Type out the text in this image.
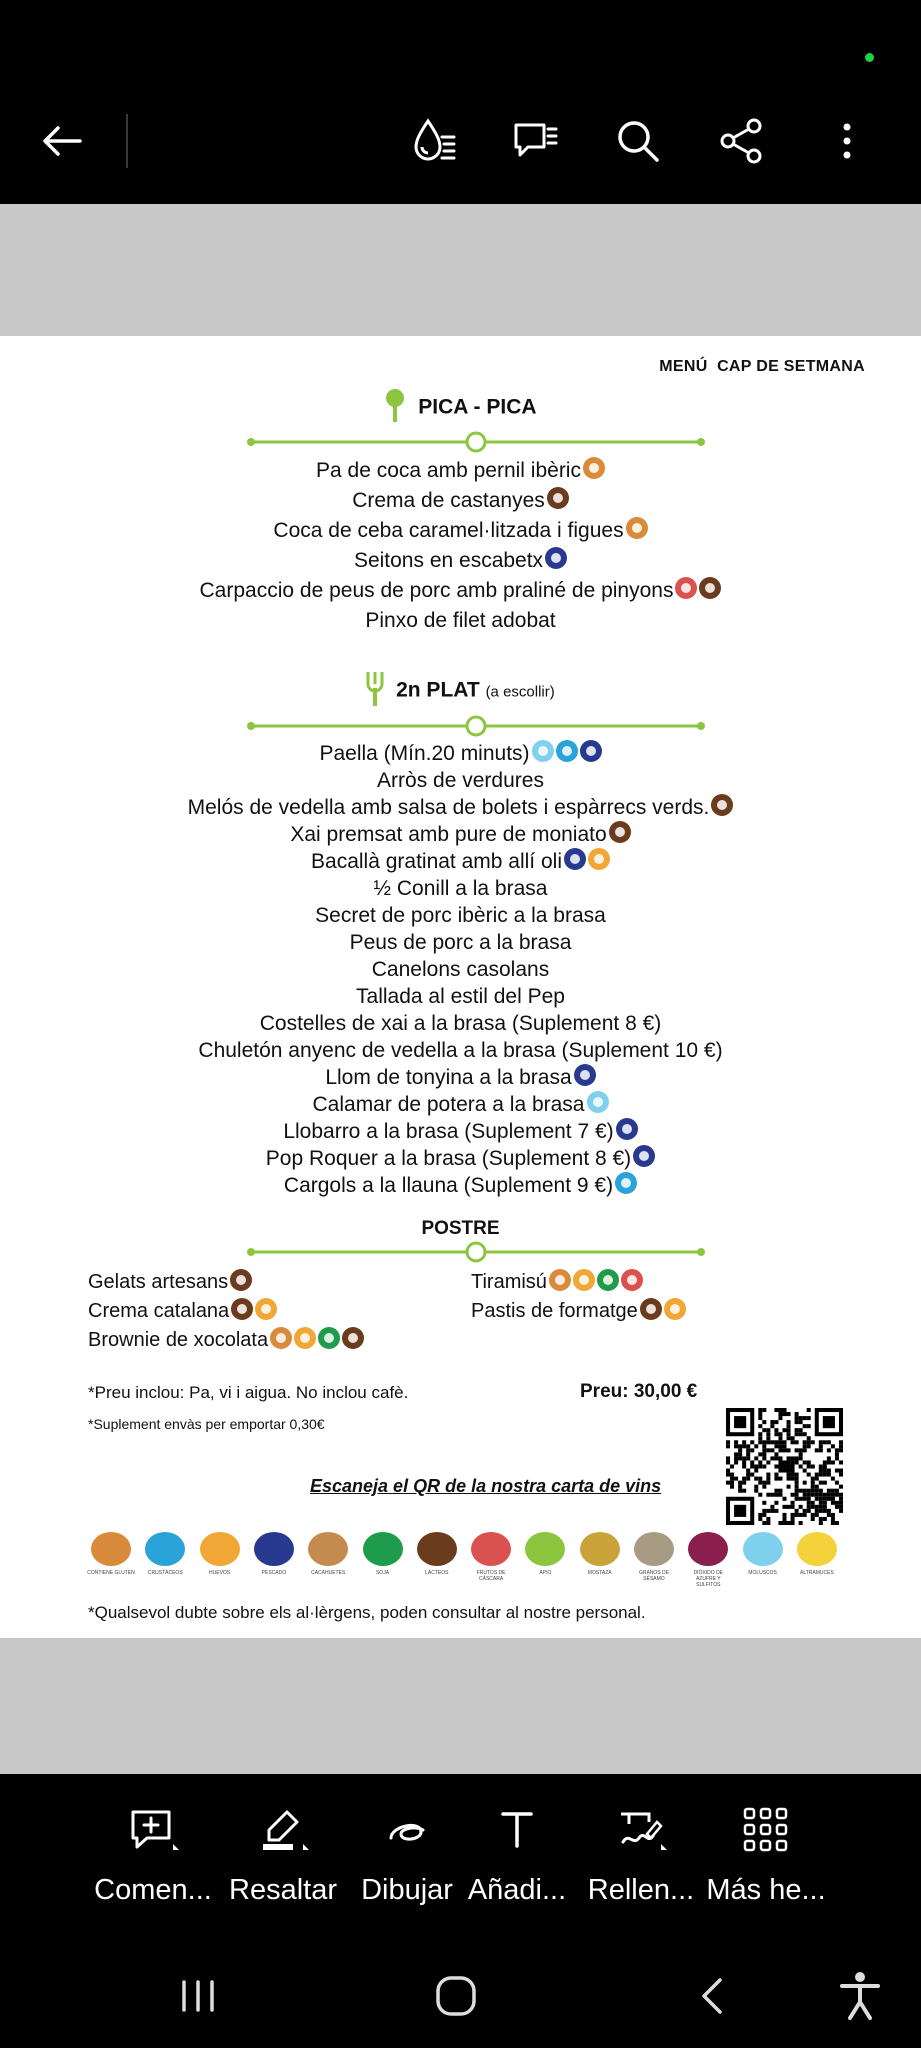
MENÚ  CAP DE SETMANA
PICA - PICA
Pa de coca amb pernil ibèric
Crema de castanyes
Coca de ceba caramel·litzada i figues
Seitons en escabetx
Carpaccio de peus de porc amb praliné de pinyons
Pinxo de filet adobat
2n PLAT (a escollir)
Paella (Mín.20 minuts)
Arròs de verdures
Melós de vedella amb salsa de bolets i espàrrecs verds.
Xai premsat amb pure de moniato
Bacallà gratinat amb allí oli
½ Conill a la brasa
Secret de porc ibèric a la brasa
Peus de porc a la brasa
Canelons casolans
Tallada al estil del Pep
Costelles de xai a la brasa (Suplement 8 €)
Chuletón anyenc de vedella a la brasa (Suplement 10 €)
Llom de tonyina a la brasa
Calamar de potera a la brasa
Llobarro a la brasa (Suplement 7 €)
Pop Roquer a la brasa (Suplement 8 €)
Cargols a la llauna (Suplement 9 €)
POSTRE
Gelats artesans
Crema catalana
Brownie de xocolata
Tiramisú
Pastis de formatge
*Preu inclou: Pa, vi i aigua. No inclou cafè.	Preu: 30,00 €
*Suplement envàs per emportar 0,30€
Escaneja el QR de la nostra carta de vins
CONTIENE GLUTEN	CRUSTÁCEOS	HUEVOS	PESCADO	CACAHUETES	SOJA	LÁCTEOS	FRUTOS DE CÁSCARA
APIO	MOSTAZA	GRANOS DE SÉSAMO
DIÓXIDO DE AZUFRE Y SULFITOS
MOLUSCOS	ALTRAMUCES
*Qualsevol dubte sobre els al·lèrgens, poden consultar al nostre personal.
Comen... Resaltar Dibujar Añadi... Rellen... Más he...
